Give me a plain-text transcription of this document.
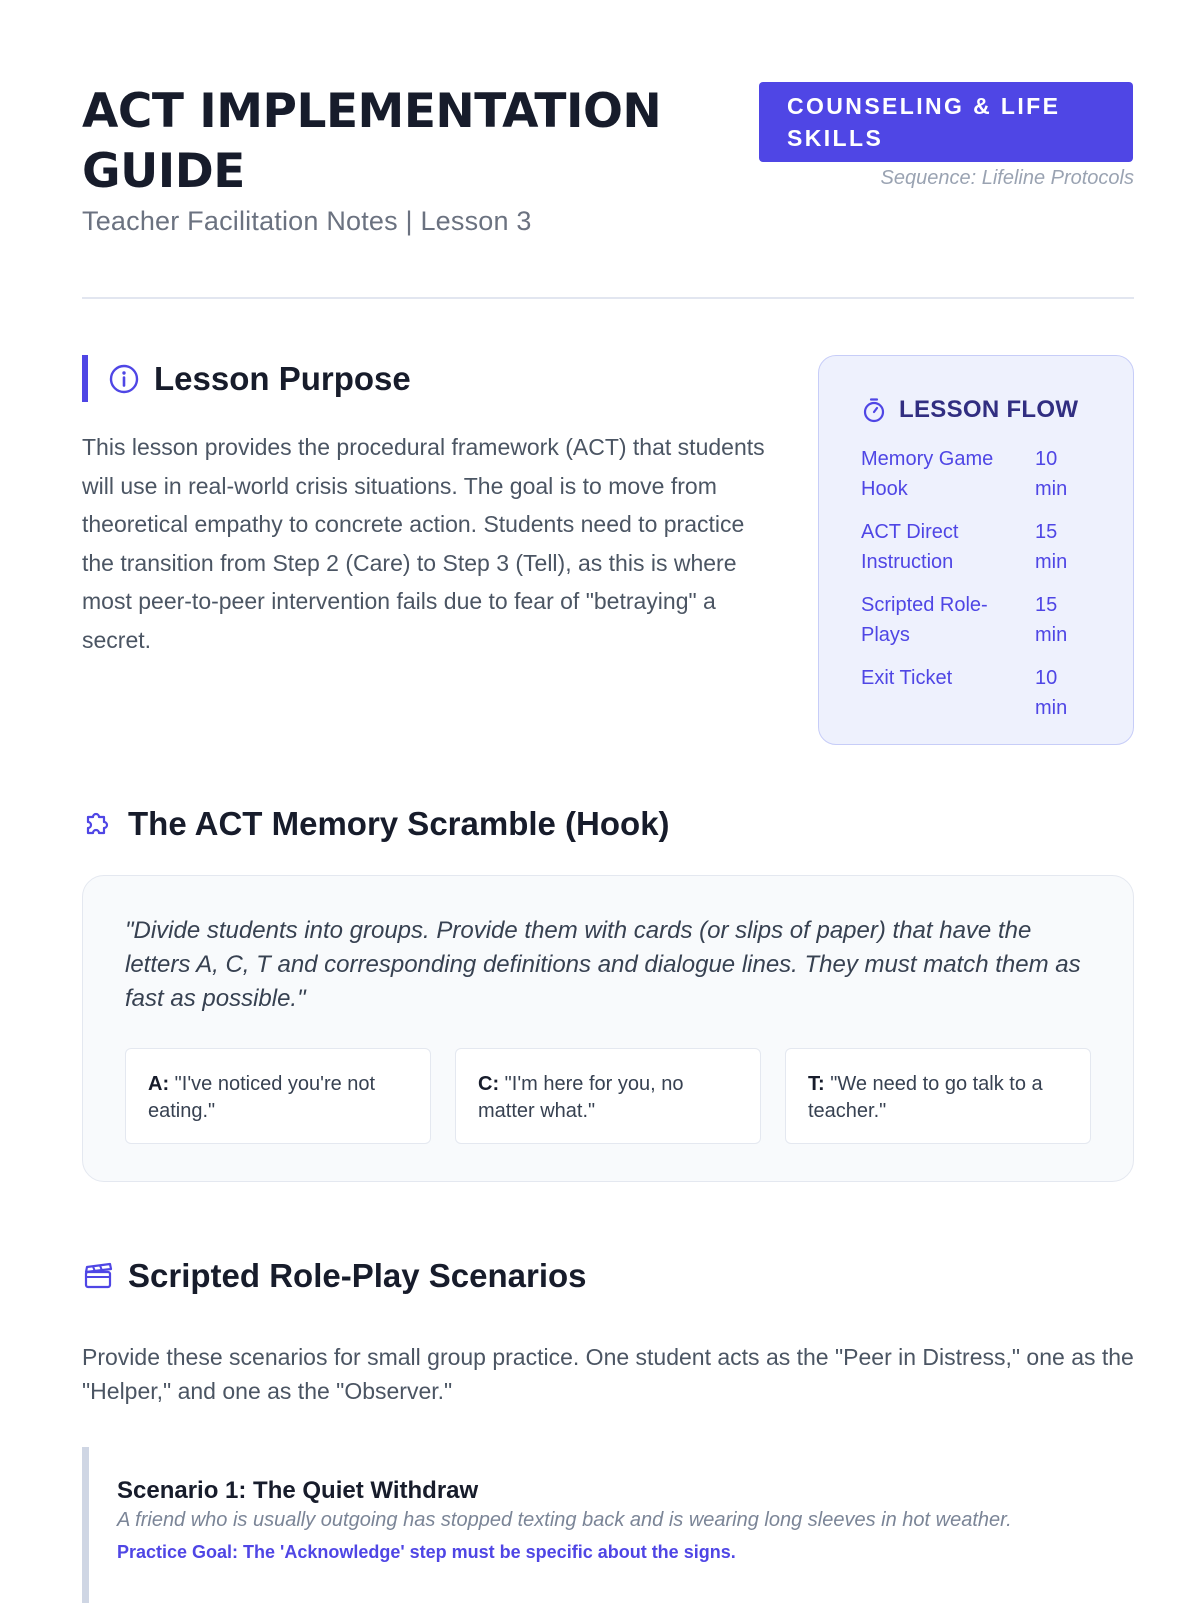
ACT IMPLEMENTATION GUIDE
Teacher Facilitation Notes | Lesson 3
COUNSELING & LIFE SKILLS
Sequence: Lifeline Protocols
Lesson Purpose

This lesson provides the procedural framework (ACT) that students will use in real-world crisis situations. The goal is to move from theoretical empathy to concrete action. Students need to practice the transition from Step 2 (Care) to Step 3 (Tell), as this is where most peer-to-peer intervention fails due to fear of "betraying" a secret.

LESSON FLOW
Memory Game Hook
10 min
ACT Direct Instruction
15 min
Scripted Role-Plays
15 min
Exit Ticket	10 min
The ACT Memory Scramble (Hook)

"Divide students into groups. Provide them with cards (or slips of paper) that have the letters A, C, T and corresponding definitions and dialogue lines. They must match them as fast as possible."

A: "I've noticed you're not eating."
C: "I'm here for you, no matter what."
T: "We need to go talk to a teacher."
Scripted Role-Play Scenarios

Provide these scenarios for small group practice. One student acts as the "Peer in Distress," one as the "Helper," and one as the "Observer."

Scenario 1: The Quiet Withdraw

A friend who is usually outgoing has stopped texting back and is wearing long sleeves in hot weather.

Practice Goal: The 'Acknowledge' step must be specific about the signs.
